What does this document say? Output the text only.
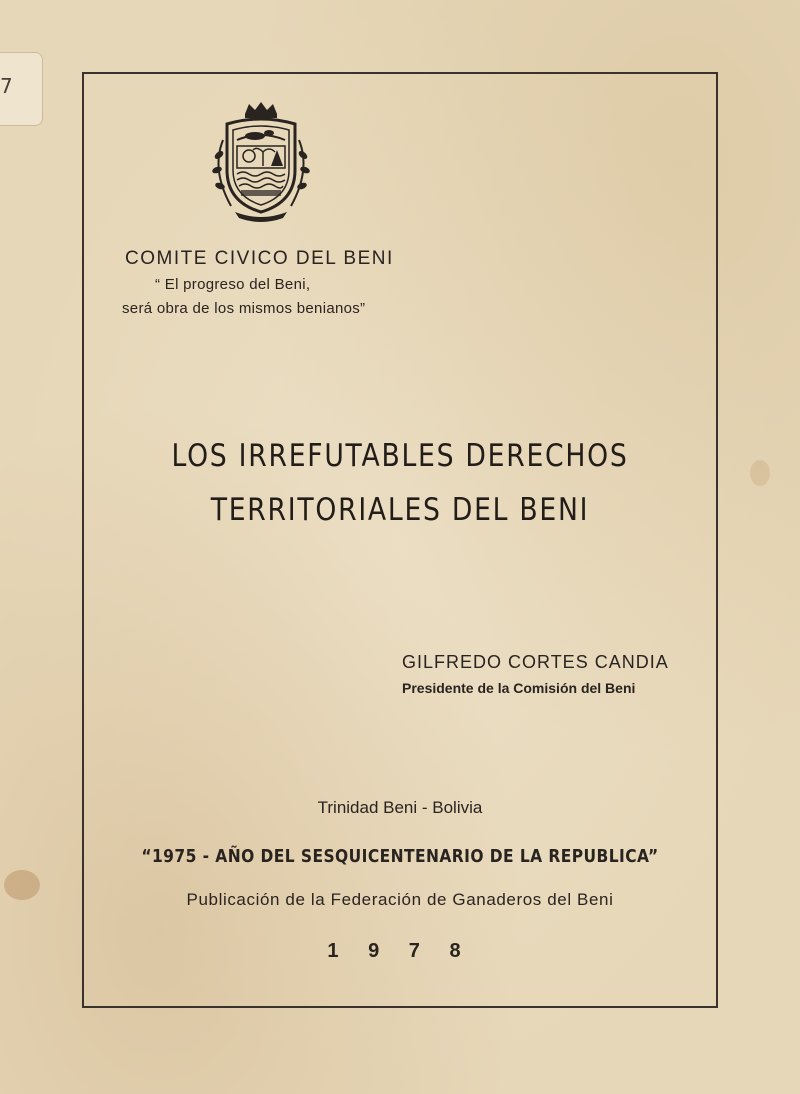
7
COMITE CIVICO DEL BENI
“ El progreso del Beni,
será obra de los mismos benianos”
LOS IRREFUTABLES DERECHOS
TERRITORIALES DEL BENI
GILFREDO CORTES CANDIA
Presidente de la Comisión del Beni
Trinidad Beni - Bolivia
“1975 - AÑO DEL SESQUICENTENARIO DE LA REPUBLICA”
Publicación de la Federación de Ganaderos del Beni
1 9 7 8
